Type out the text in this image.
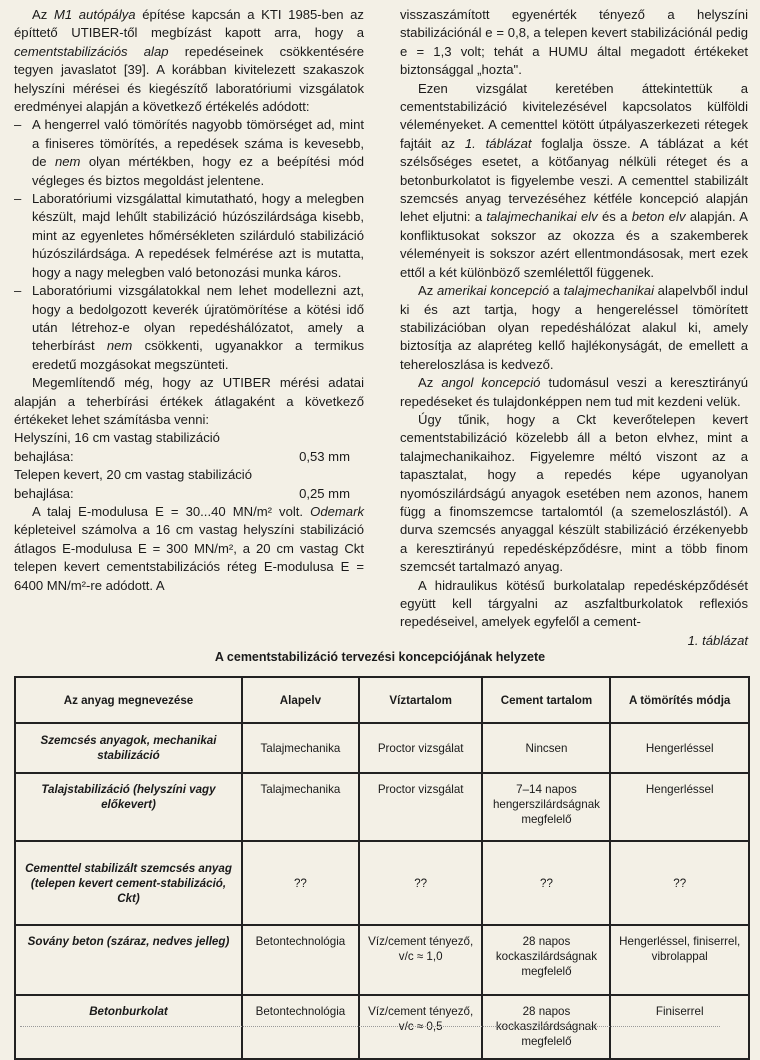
Az M1 autópálya építése kapcsán a KTI 1985-ben az építtető UTIBER-től megbízást kapott arra, hogy a cementstabilizációs alap repedéseinek csökkentésére tegyen javaslatot [39]. A korábban kivitelezett szakaszok helyszíni mérései és kiegészítő laboratóriumi vizsgálatok eredményei alapján a következő értékelés adódott:

– A hengerrel való tömörítés nagyobb tömörséget ad, mint a finiseres tömörítés, a repedések száma is kevesebb, de nem olyan mértékben, hogy ez a beépítési mód végleges és biztos megoldást jelentene.
– Laboratóriumi vizsgálattal kimutatható, hogy a melegben készült, majd lehűlt stabilizáció húzószilárdsága kisebb, mint az egyenletes hőmérsékleten szilárduló stabilizáció húzószilárdsága. A repedések felmérése azt is mutatta, hogy a nagy melegben való betonozási munka káros.
– Laboratóriumi vizsgálatokkal nem lehet modellezni azt, hogy a bedolgozott keverék újratömörítése a kötési idő után létrehoz-e olyan repedéshálózatot, amely a teherbírást nem csökkenti, ugyanakkor a termikus eredetű mozgásokat megszünteti.

Megemlítendő még, hogy az UTIBER mérési adatai alapján a teherbírási értékek átlagaként a következő értékeket lehet számításba venni:

Helyszíni, 16 cm vastag stabilizáció
behajlása:	0,53 mm
Telepen kevert, 20 cm vastag stabilizáció
behajlása:	0,25 mm

A talaj E-modulusa E = 30...40 MN/m² volt. Odemark képleteivel számolva a 16 cm vastag helyszíni stabilizáció átlagos E-modulusa E = 300 MN/m², a 20 cm vastag Ckt telepen kevert cementstabilizációs réteg E-modulusa E = 6400 MN/m²-re adódott. A

visszaszámított egyenérték tényező a helyszíni stabilizációnál e = 0,8, a telepen kevert stabilizációnál pedig e = 1,3 volt; tehát a HUMU által megadott értékeket biztonsággal „hozta".

Ezen vizsgálat keretében áttekintettük a cementstabilizáció kivitelezésével kapcsolatos külföldi véleményeket. A cementtel kötött útpályaszerkezeti rétegek fajtáit az 1. táblázat foglalja össze. A táblázat a két szélsőséges esetet, a kötőanyag nélküli réteget és a betonburkolatot is figyelembe veszi. A cementtel stabilizált szemcsés anyag tervezéséhez kétféle koncepció alapján lehet eljutni: a talajmechanikai elv és a beton elv alapján. A konfliktusokat sokszor az okozza és a szakemberek véleményeit is sokszor azért ellentmondásosak, mert ezek ettől a két különböző szemlélettől függenek.

Az amerikai koncepció a talajmechanikai alapelvből indul ki és azt tartja, hogy a hengereléssel tömörített stabilizációban olyan repedéshálózat alakul ki, amely biztosítja az alapréteg kellő hajlékonyságát, de emellett a tehereloszlása is kedvező.

Az angol koncepció tudomásul veszi a keresztirányú repedéseket és tulajdonképpen nem tud mit kezdeni velük.

Úgy tűnik, hogy a Ckt keverőtelepen kevert cementstabilizáció közelebb áll a beton elvhez, mint a talajmechanikaihoz. Figyelemre méltó viszont az a tapasztalat, hogy a repedés képe ugyanolyan nyomószilárdságú anyagok esetében nem azonos, hanem függ a finomszemcse tartalomtól (a szemeloszlástól). A durva szemcsés anyaggal készült stabilizáció érzékenyebb a keresztirányú repedésképződésre, mint a több finom szemcsét tartalmazó anyag.

A hidraulikus kötésű burkolatalap repedésképződését együtt kell tárgyalni az aszfaltburkolatok reflexiós repedéseivel, amelyek egyfelől a cement-

1. táblázat
A cementstabilizáció tervezési koncepciójának helyzete
Az anyag megnevezése	Alapelv	Víztartalom	Cement tartalom	A tömörítés módja
Szemcsés anyagok, mechanikai stabilizáció	Talajmechanika	Proctor vizsgálat	Nincsen	Hengerléssel
Talajstabilizáció (helyszíni vagy előkevert)	Talajmechanika	Proctor vizsgálat	7–14 napos hengerszilárdságnak megfelelő	Hengerléssel
Cementtel stabilizált szemcsés anyag (telepen kevert cement-stabilizáció, Ckt)	??	??	??	??
Sovány beton (száraz, nedves jelleg)	Betontechnológia	Víz/cement tényező, v/c ≈ 1,0	28 napos kockaszilárdságnak megfelelő	Hengerléssel, finiserrel, vibrolappal
Betonburkolat	Betontechnológia	Víz/cement tényező, v/c ≈ 0,5	28 napos kockaszilárdságnak megfelelő	Finiserrel
